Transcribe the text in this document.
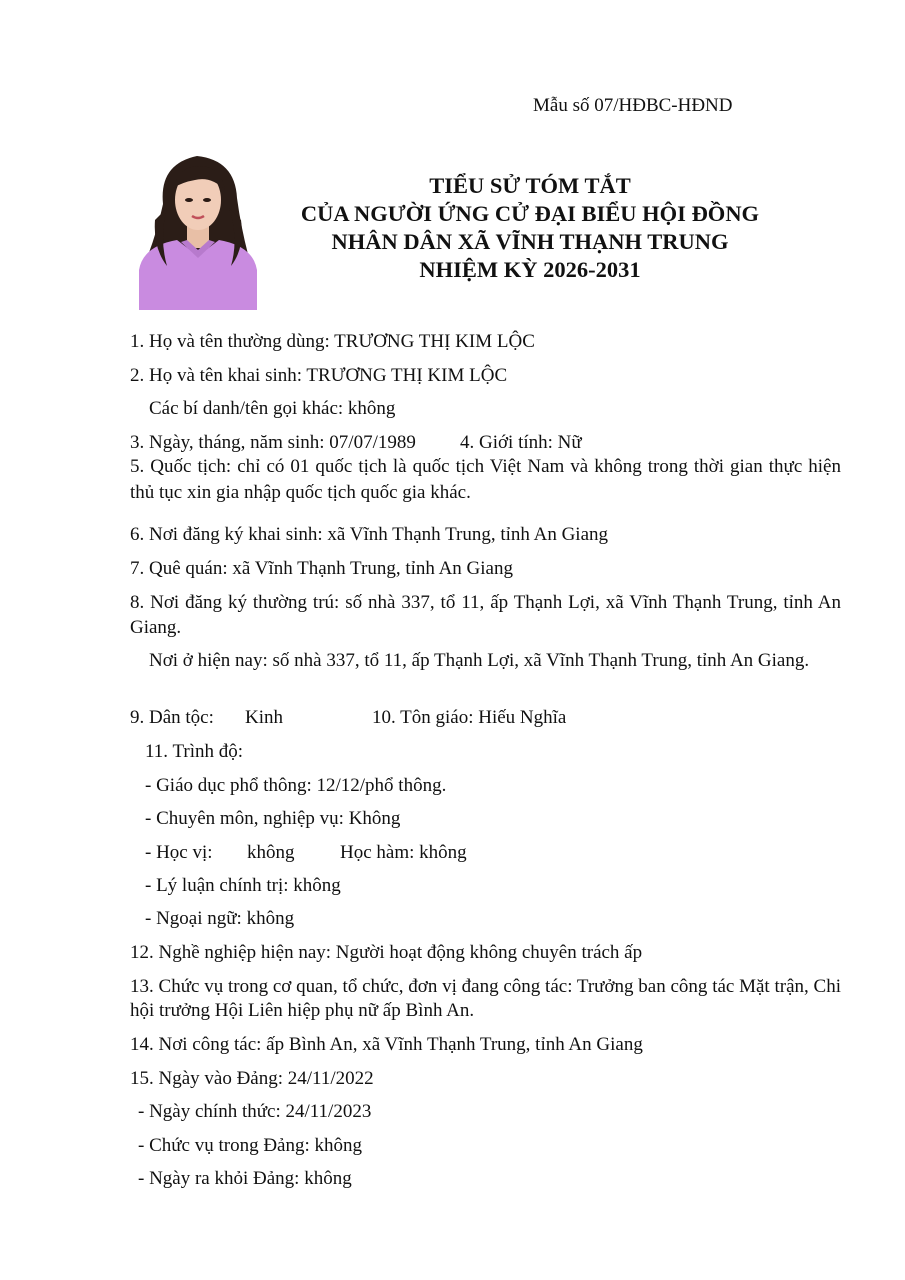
Mẫu số 07/HĐBC-HĐND
TIỂU SỬ TÓM TẮT
CỦA NGƯỜI ỨNG CỬ ĐẠI BIỂU HỘI ĐỒNG
NHÂN DÂN XÃ VĨNH THẠNH TRUNG
NHIỆM KỲ 2026-2031
1. Họ và tên thường dùng: TRƯƠNG THỊ KIM LỘC
2. Họ và tên khai sinh: TRƯƠNG THỊ KIM LỘC
Các bí danh/tên gọi khác: không
3. Ngày, tháng, năm sinh: 07/07/1989 4. Giới tính: Nữ
5. Quốc tịch: chỉ có 01 quốc tịch là quốc tịch Việt Nam và không trong thời gian thực hiện thủ tục xin gia nhập quốc tịch quốc gia khác.
6. Nơi đăng ký khai sinh: xã Vĩnh Thạnh Trung, tỉnh An Giang
7. Quê quán: xã Vĩnh Thạnh Trung, tỉnh An Giang
8. Nơi đăng ký thường trú: số nhà 337, tổ 11, ấp Thạnh Lợi, xã Vĩnh Thạnh Trung, tỉnh An Giang.
Nơi ở hiện nay: số nhà 337, tổ 11, ấp Thạnh Lợi, xã Vĩnh Thạnh Trung, tỉnh An Giang.
9. Dân tộc: Kinh	10. Tôn giáo: Hiếu Nghĩa
11. Trình độ:
- Giáo dục phổ thông: 12/12/phổ thông.
- Chuyên môn, nghiệp vụ: Không
- Học vị: không Học hàm: không
- Lý luận chính trị: không
- Ngoại ngữ: không
12. Nghề nghiệp hiện nay: Người hoạt động không chuyên trách ấp
13. Chức vụ trong cơ quan, tổ chức, đơn vị đang công tác: Trưởng ban công tác Mặt trận, Chi hội trưởng Hội Liên hiệp phụ nữ ấp Bình An.
14. Nơi công tác: ấp Bình An, xã Vĩnh Thạnh Trung, tỉnh An Giang
15. Ngày vào Đảng: 24/11/2022
- Ngày chính thức: 24/11/2023
- Chức vụ trong Đảng: không
- Ngày ra khỏi Đảng: không
